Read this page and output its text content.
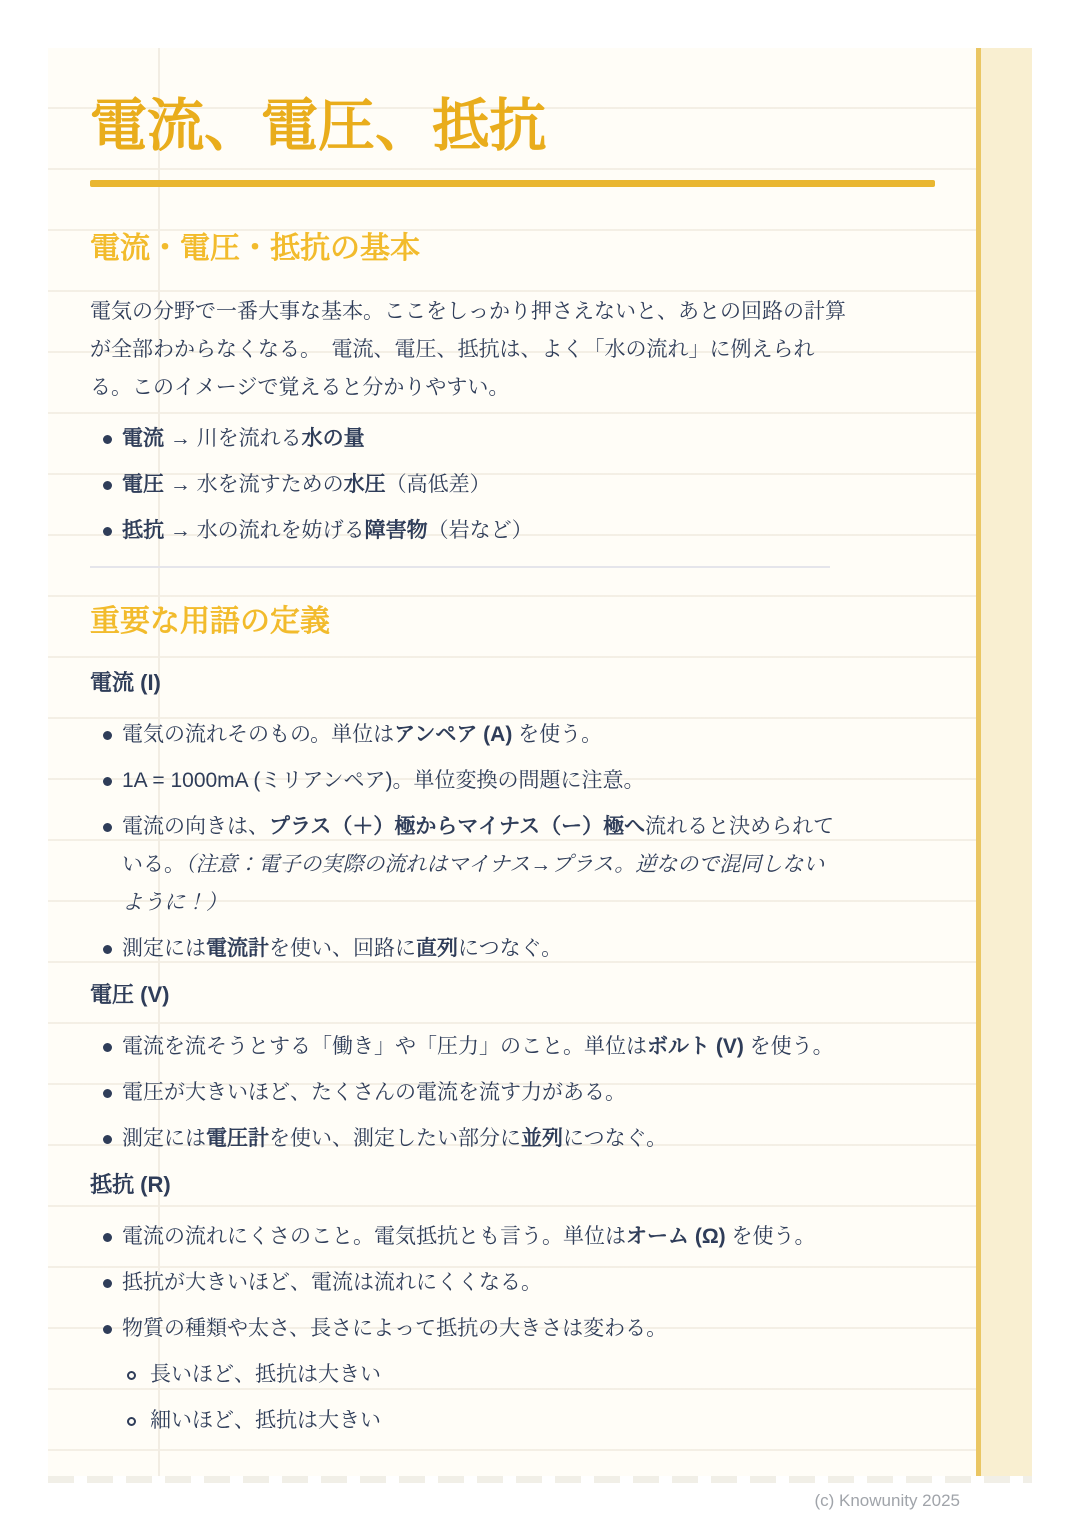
電流、電圧、抵抗
電流・電圧・抵抗の基本

電気の分野で一番大事な基本。ここをしっかり押さえないと、あとの回路の計算
が全部わからなくなる。　電流、電圧、抵抗は、よく「水の流れ」に例えられ
る。このイメージで覚えると分かりやすい。

電流 → 川を流れる水の量
電圧 → 水を流すための水圧（高低差）
抵抗 → 水の流れを妨げる障害物（岩など）
重要な用語の定義
電流 (I)
電気の流れそのもの。単位はアンペア (A) を使う。
1A = 1000mA (ミリアンペア)。単位変換の問題に注意。
電流の向きは、プラス（＋）極からマイナス（ー）極へ流れると決められて
いる。（注意：電子の実際の流れはマイナス→プラス。逆なので混同しない
ように！）
測定には電流計を使い、回路に直列につなぐ。
電圧 (V)
電流を流そうとする「働き」や「圧力」のこと。単位はボルト (V) を使う。
電圧が大きいほど、たくさんの電流を流す力がある。
測定には電圧計を使い、測定したい部分に並列につなぐ。
抵抗 (R)
電流の流れにくさのこと。電気抵抗とも言う。単位はオーム (Ω) を使う。
抵抗が大きいほど、電流は流れにくくなる。
物質の種類や太さ、長さによって抵抗の大きさは変わる。
長いほど、抵抗は大きい
細いほど、抵抗は大きい
(c) Knowunity 2025
